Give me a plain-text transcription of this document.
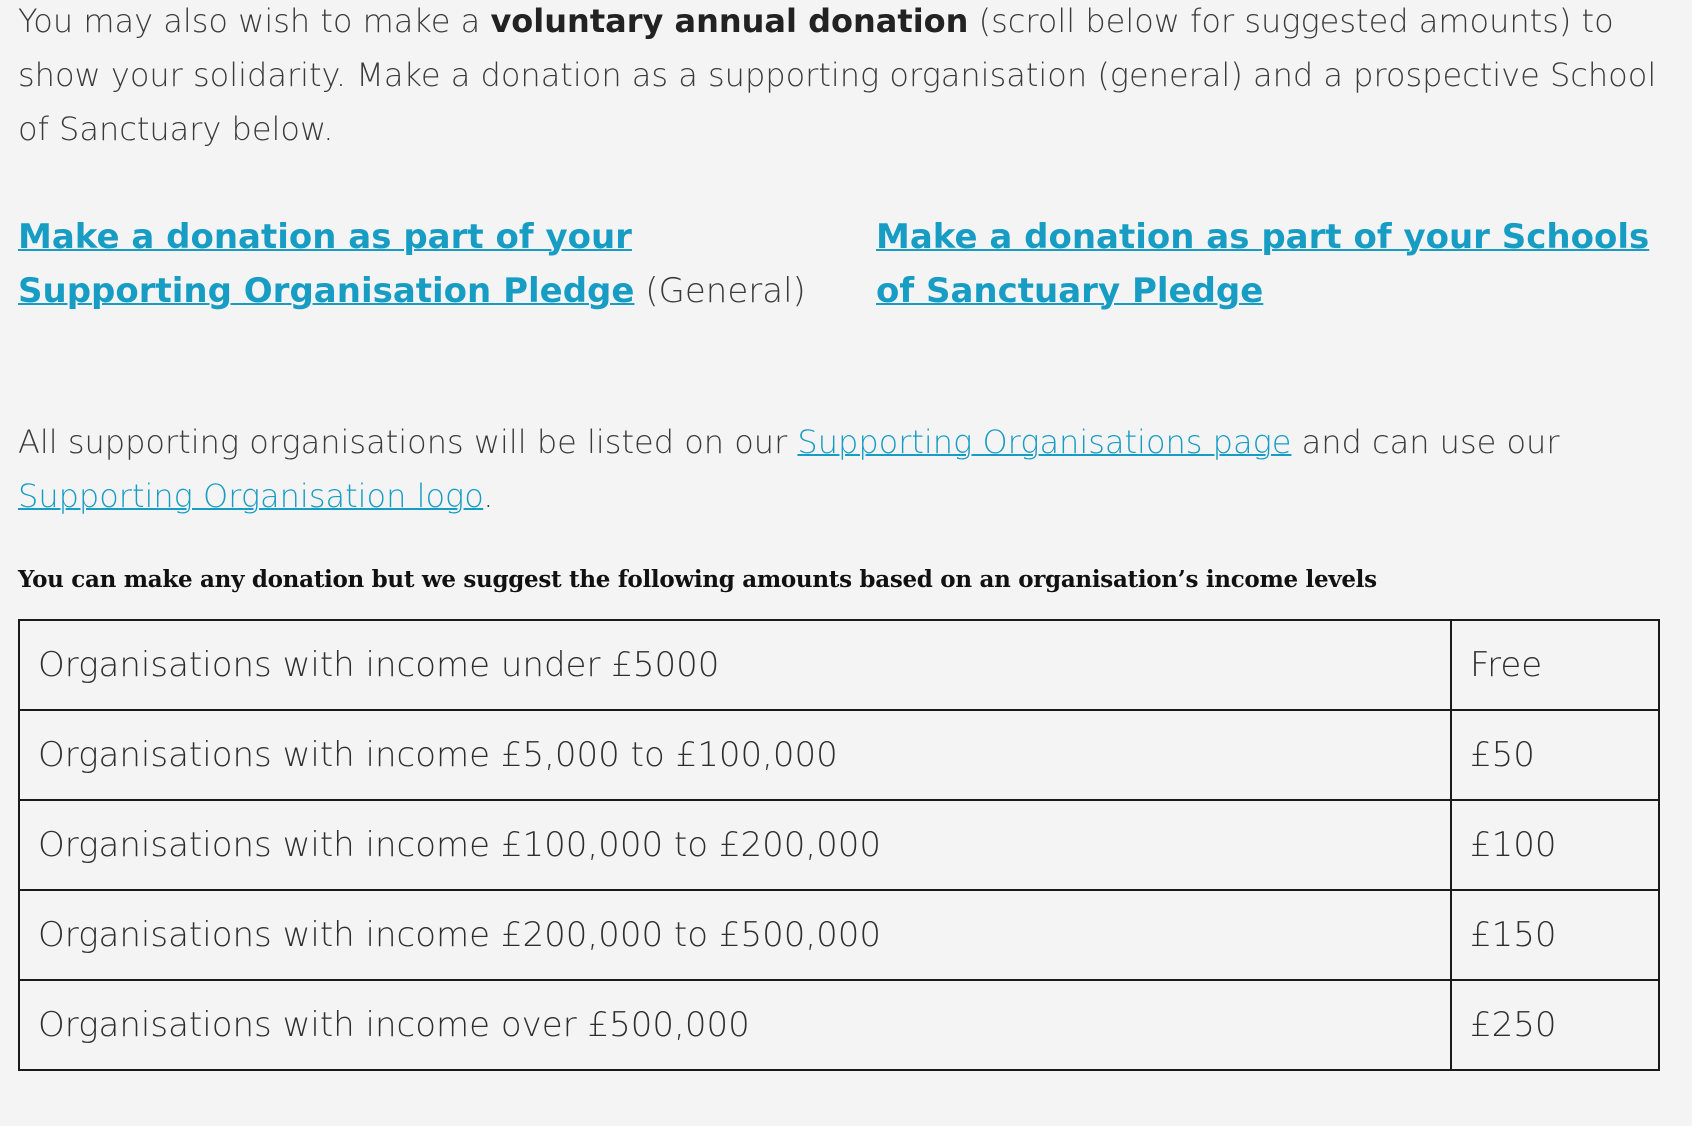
You may also wish to make a voluntary annual donation (scroll below for suggested amounts) to show your solidarity. Make a donation as a supporting organisation (general) and a prospective School of Sanctuary below.

Make a donation as part of your Supporting Organisation Pledge (General)
Make a donation as part of your Schools of Sanctuary Pledge

All supporting organisations will be listed on our Supporting Organisations page and can use our Supporting Organisation logo.

You can make any donation but we suggest the following amounts based on an organisation’s income levels

Organisations with income under £5000	Free
Organisations with income £5,000 to £100,000	£50
Organisations with income £100,000 to £200,000	£100
Organisations with income £200,000 to £500,000	£150
Organisations with income over £500,000	£250
